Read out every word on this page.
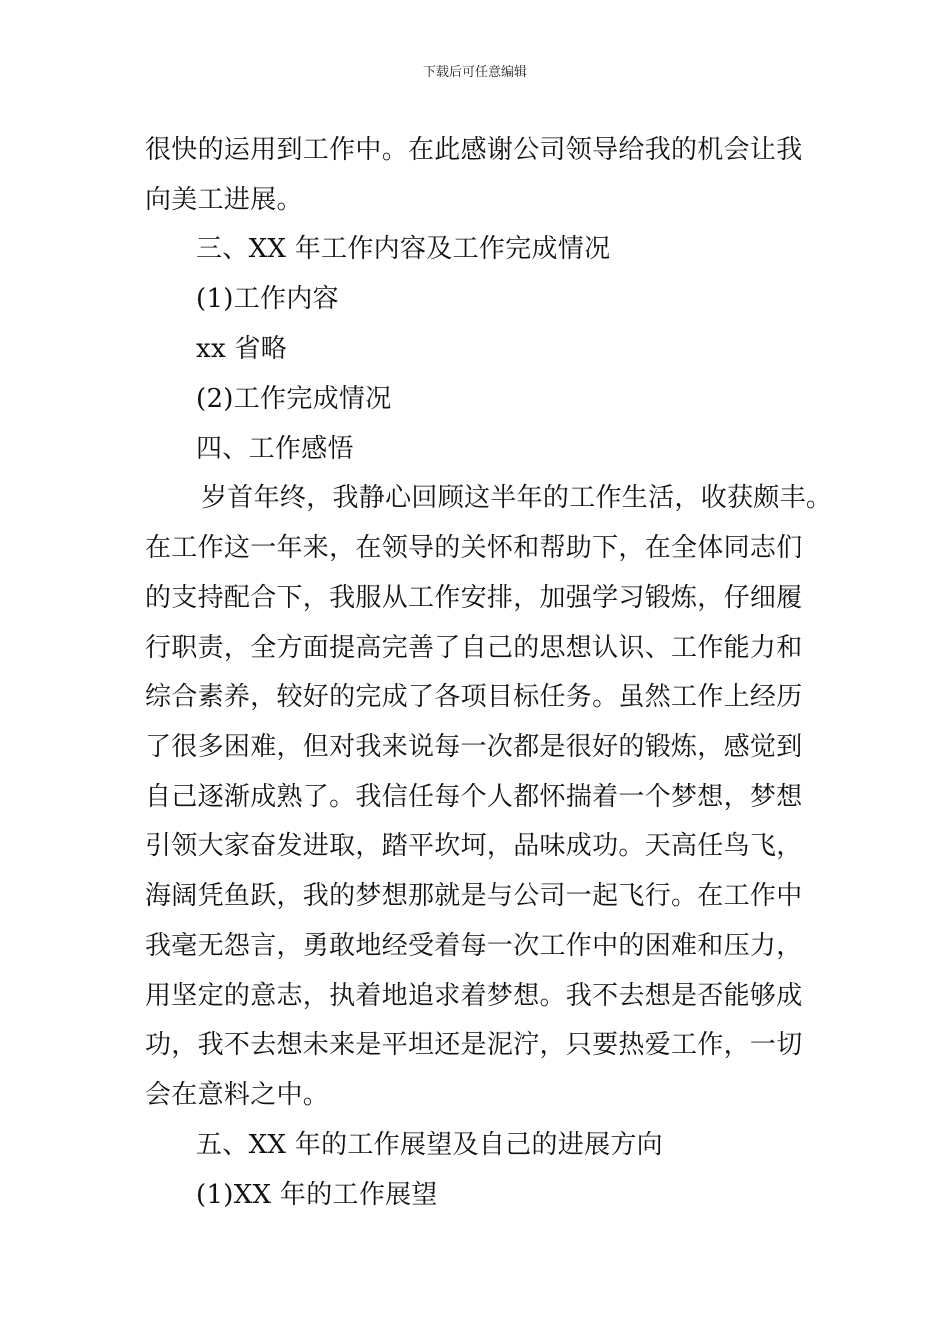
下载后可任意编辑
很快的运用到工作中。在此感谢公司领导给我的机会让我
向美工进展。
三、XX 年工作内容及工作完成情况
(1)工作内容
xx 省略
(2)工作完成情况
四、工作感悟
岁首年终，我静心回顾这半年的工作生活，收获颇丰。
在工作这一年来，在领导的关怀和帮助下，在全体同志们
的支持配合下，我服从工作安排，加强学习锻炼，仔细履
行职责，全方面提高完善了自己的思想认识、工作能力和
综合素养，较好的完成了各项目标任务。虽然工作上经历
了很多困难，但对我来说每一次都是很好的锻炼，感觉到
自己逐渐成熟了。我信任每个人都怀揣着一个梦想，梦想
引领大家奋发进取，踏平坎坷，品味成功。天高任鸟飞，
海阔凭鱼跃，我的梦想那就是与公司一起飞行。在工作中
我毫无怨言，勇敢地经受着每一次工作中的困难和压力，
用坚定的意志，执着地追求着梦想。我不去想是否能够成
功，我不去想未来是平坦还是泥泞，只要热爱工作，一切
会在意料之中。
五、XX 年的工作展望及自己的进展方向
(1)XX 年的工作展望
